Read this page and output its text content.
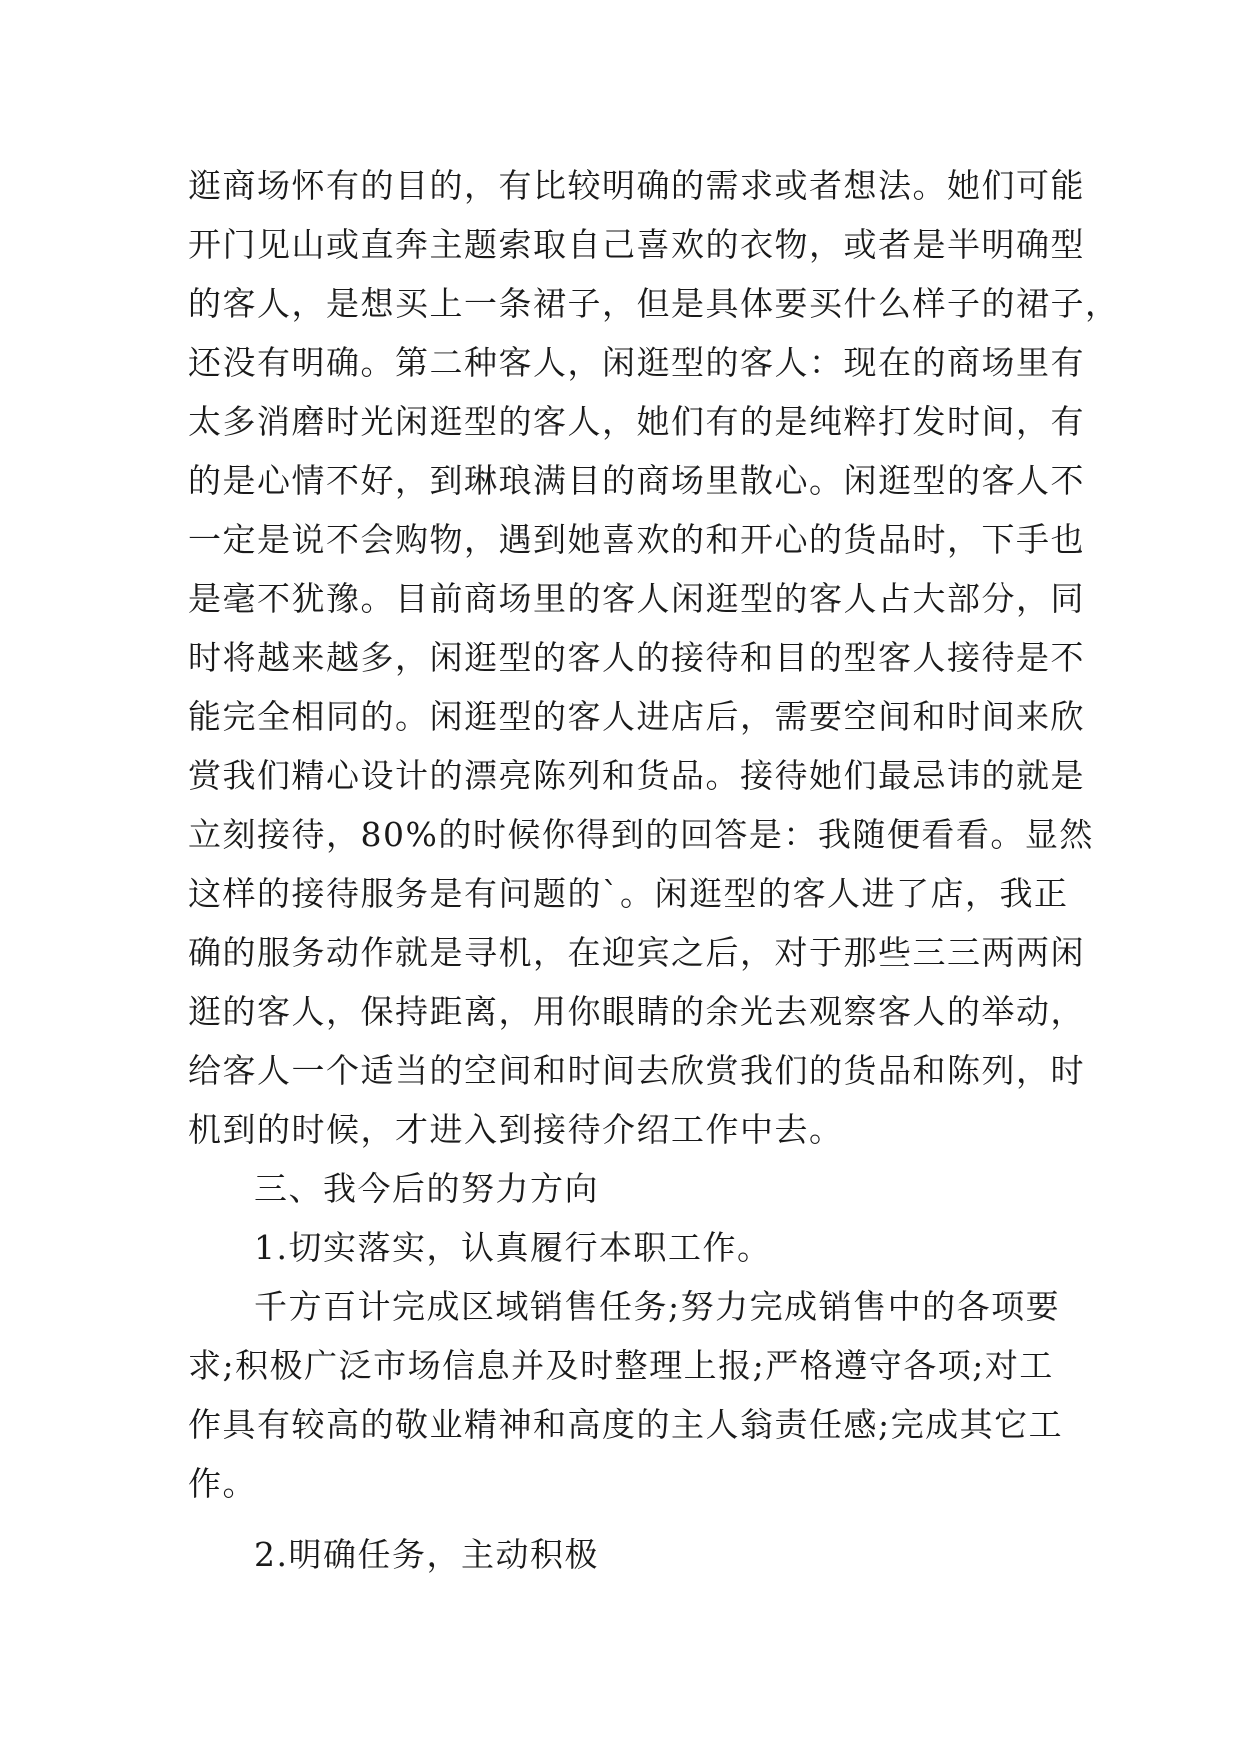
逛商场怀有的目的，有比较明确的需求或者想法。她们可能
开门见山或直奔主题索取自己喜欢的衣物，或者是半明确型
的客人，是想买上一条裙子，但是具体要买什么样子的裙子，
还没有明确。第二种客人，闲逛型的客人：现在的商场里有
太多消磨时光闲逛型的客人，她们有的是纯粹打发时间，有
的是心情不好，到琳琅满目的商场里散心。闲逛型的客人不
一定是说不会购物，遇到她喜欢的和开心的货品时，下手也
是毫不犹豫。目前商场里的客人闲逛型的客人占大部分，同
时将越来越多，闲逛型的客人的接待和目的型客人接待是不
能完全相同的。闲逛型的客人进店后，需要空间和时间来欣
赏我们精心设计的漂亮陈列和货品。接待她们最忌讳的就是
立刻接待，80%的时候你得到的回答是：我随便看看。显然
这样的接待服务是有问题的`。闲逛型的客人进了店，我正
确的服务动作就是寻机，在迎宾之后，对于那些三三两两闲
逛的客人，保持距离，用你眼睛的余光去观察客人的举动，
给客人一个适当的空间和时间去欣赏我们的货品和陈列，时
机到的时候，才进入到接待介绍工作中去。
三、我今后的努力方向
1.切实落实，认真履行本职工作。
千方百计完成区域销售任务;努力完成销售中的各项要
求;积极广泛市场信息并及时整理上报;严格遵守各项;对工
作具有较高的敬业精神和高度的主人翁责任感;完成其它工
作。
2.明确任务，主动积极
